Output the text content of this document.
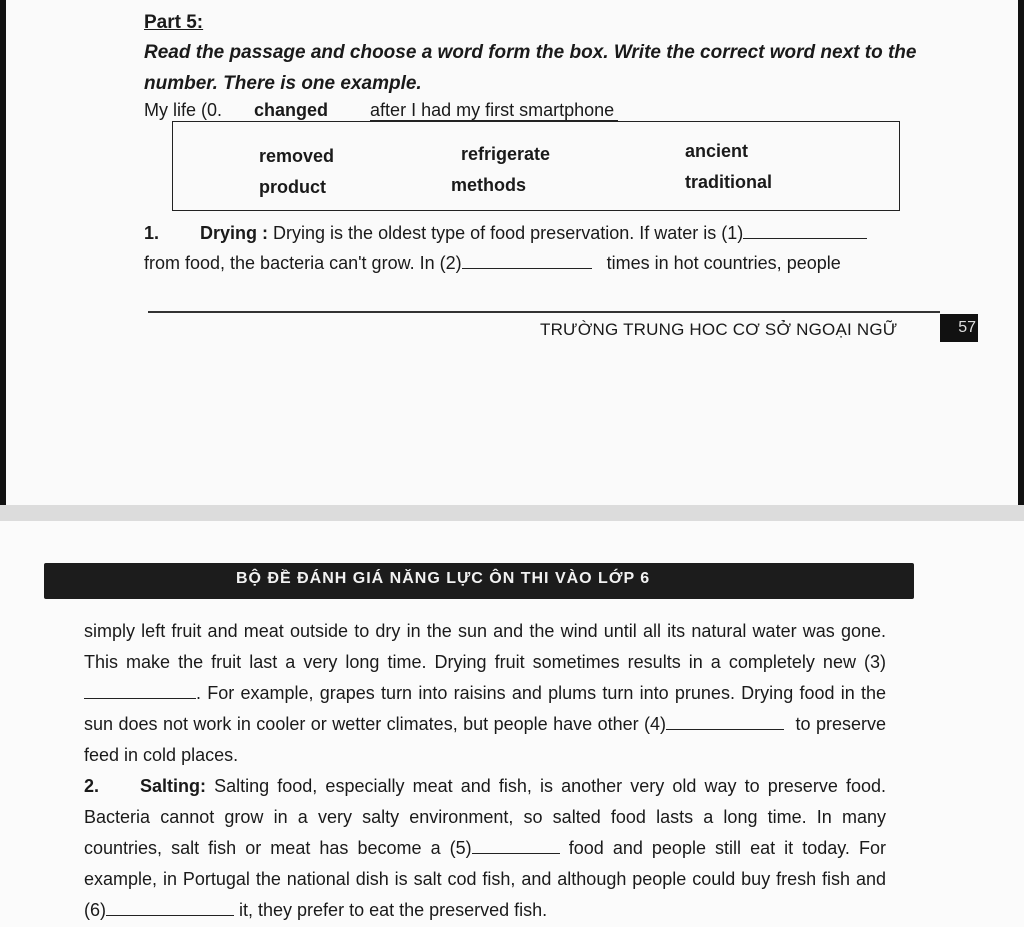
Part 5:
Read the passage and choose a word form the box. Write the correct word next to the number. There is one example.
My life (0. changed after I had my first smartphone
removed	refrigerate	ancient
product	methods	traditional
1. Drying : Drying is the oldest type of food preservation. If water is (1)
from food, the bacteria can't grow. In (2)	times in hot countries, people
TRƯỜNG TRUNG HOC CƠ SỞ NGOẠI NGỮ	57
BỘ ĐỀ ĐÁNH GIÁ NĂNG LỰC ÔN THI VÀO LỚP 6

simply left fruit and meat outside to dry in the sun and the wind until all its natural water was gone. This make the fruit last a very long time. Drying fruit sometimes results in a completely new (3). For example, grapes turn into raisins and plums turn into prunes. Drying food in the sun does not work in cooler or wetter climates, but people have other (4)	to preserve feed in cold places.

2. Salting: Salting food, especially meat and fish, is another very old way to preserve food. Bacteria cannot grow in a very salty environment, so salted food lasts a long time. In many countries, salt fish or meat has become a (5)	food and people still eat it today. For example, in Portugal the national dish is salt cod fish, and although people could buy fresh fish and (6)	it, they prefer to eat the preserved fish.
